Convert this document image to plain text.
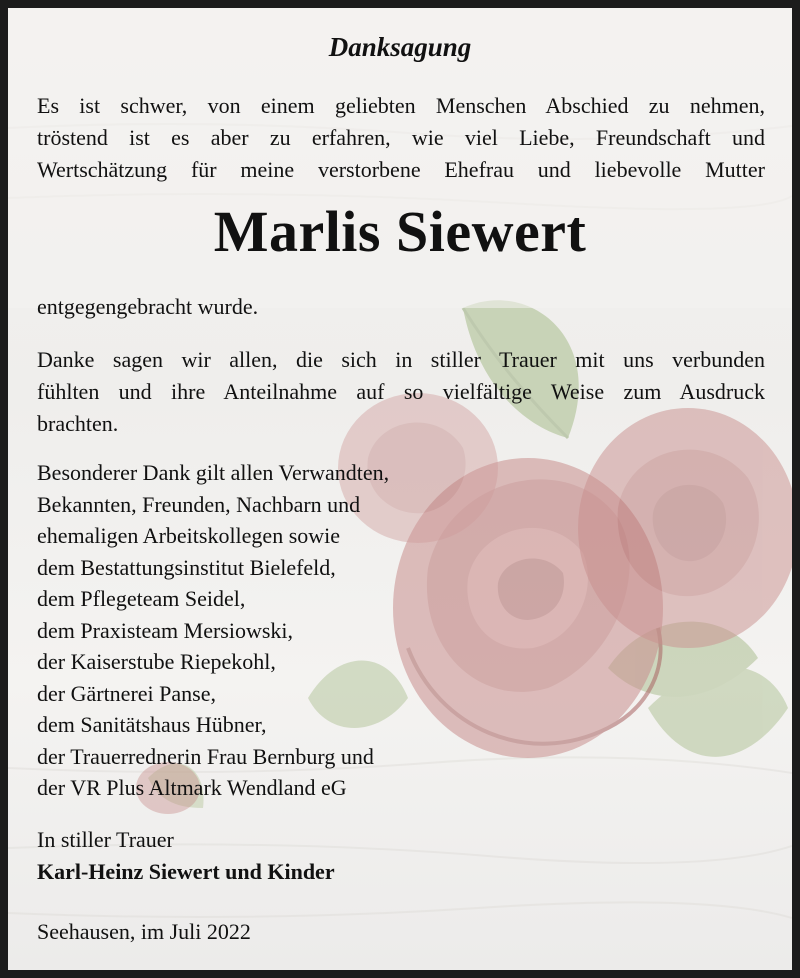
Danksagung
Es ist schwer, von einem geliebten Menschen Abschied zu nehmen,
tröstend ist es aber zu erfahren, wie viel Liebe, Freundschaft und
Wertschätzung für meine verstorbene Ehefrau und liebevolle Mutter
Marlis Siewert
entgegengebracht wurde.
Danke sagen wir allen, die sich in stiller Trauer mit uns verbunden
fühlten und ihre Anteilnahme auf so vielfältige Weise zum Ausdruck
brachten.
Besonderer Dank gilt allen Verwandten,
Bekannten, Freunden, Nachbarn und
ehemaligen Arbeitskollegen sowie
dem Bestattungsinstitut Bielefeld,
dem Pflegeteam Seidel,
dem Praxisteam Mersiowski,
der Kaiserstube Riepekohl,
der Gärtnerei Panse,
dem Sanitätshaus Hübner,
der Trauerrednerin Frau Bernburg und
der VR Plus Altmark Wendland eG
In stiller Trauer
Karl-Heinz Siewert und Kinder
Seehausen, im Juli 2022
